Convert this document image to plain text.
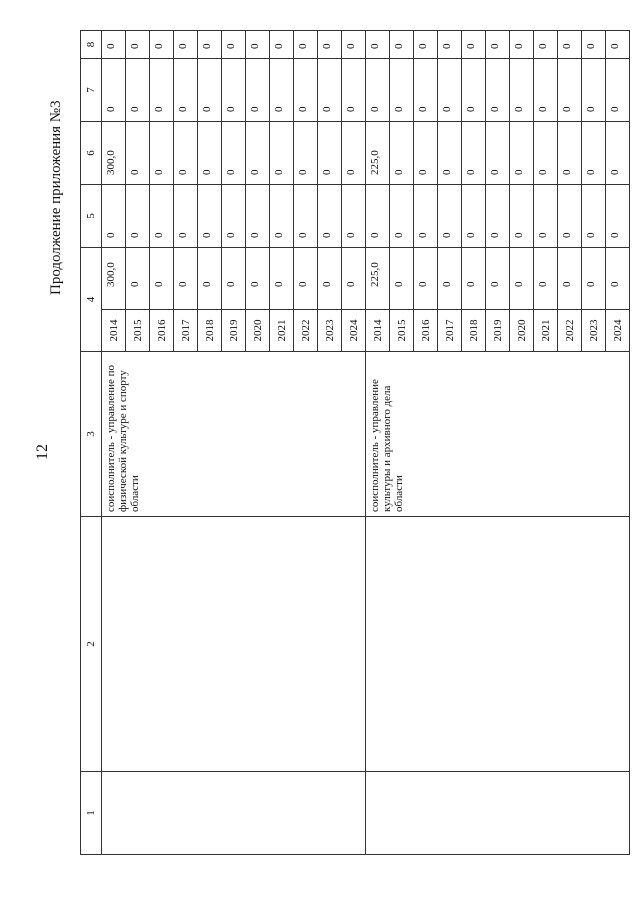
12
Продолжение приложения №3
1	2	3	4		5	6	7	8
		соисполнитель - управление по физической культуре и спорту области	2014	300,0	0	300,0	0	0
			2015	0	0	0	0	0
			2016	0	0	0	0	0
			2017	0	0	0	0	0
			2018	0	0	0	0	0
			2019	0	0	0	0	0
			2020	0	0	0	0	0
			2021	0	0	0	0	0
			2022	0	0	0	0	0
			2023	0	0	0	0	0
			2024	0	0	0	0	0
		соисполнитель - управление культуры и архивного дела области	2014	225,0	0	225,0	0	0
			2015	0	0	0	0	0
			2016	0	0	0	0	0
			2017	0	0	0	0	0
			2018	0	0	0	0	0
			2019	0	0	0	0	0
			2020	0	0	0	0	0
			2021	0	0	0	0	0
			2022	0	0	0	0	0
			2023	0	0	0	0	0
			2024	0	0	0	0	0
